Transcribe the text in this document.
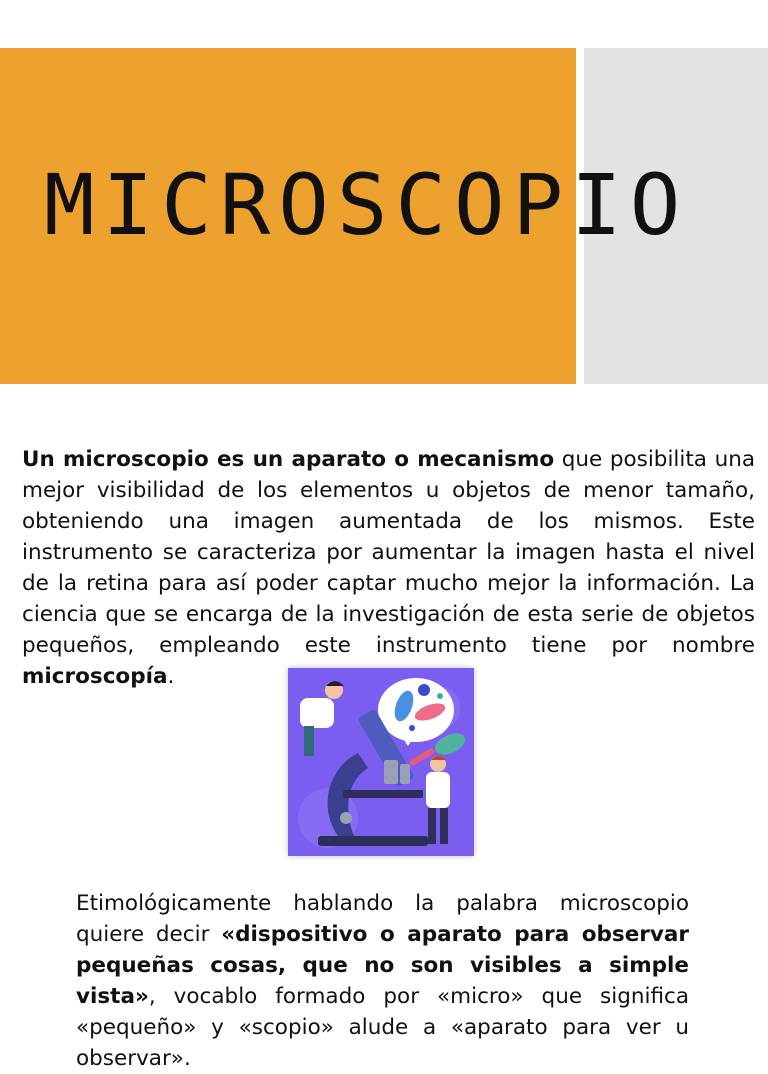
MICROSCOPIO

Un microscopio es un aparato o mecanismo que posibilita una mejor visibilidad de los elementos u objetos de menor tamaño, obteniendo una imagen aumentada de los mismos. Este instrumento se caracteriza por aumentar la imagen hasta el nivel de la retina para así poder captar mucho mejor la información. La ciencia que se encarga de la investigación de esta serie de objetos pequeños, empleando este instrumento tiene por nombre microscopía.

Etimológicamente hablando la palabra microscopio quiere decir «dispositivo o aparato para observar pequeñas cosas, que no son visibles a simple vista», vocablo formado por «micro» que significa «pequeño» y «scopio» alude a «aparato para ver u observar».
